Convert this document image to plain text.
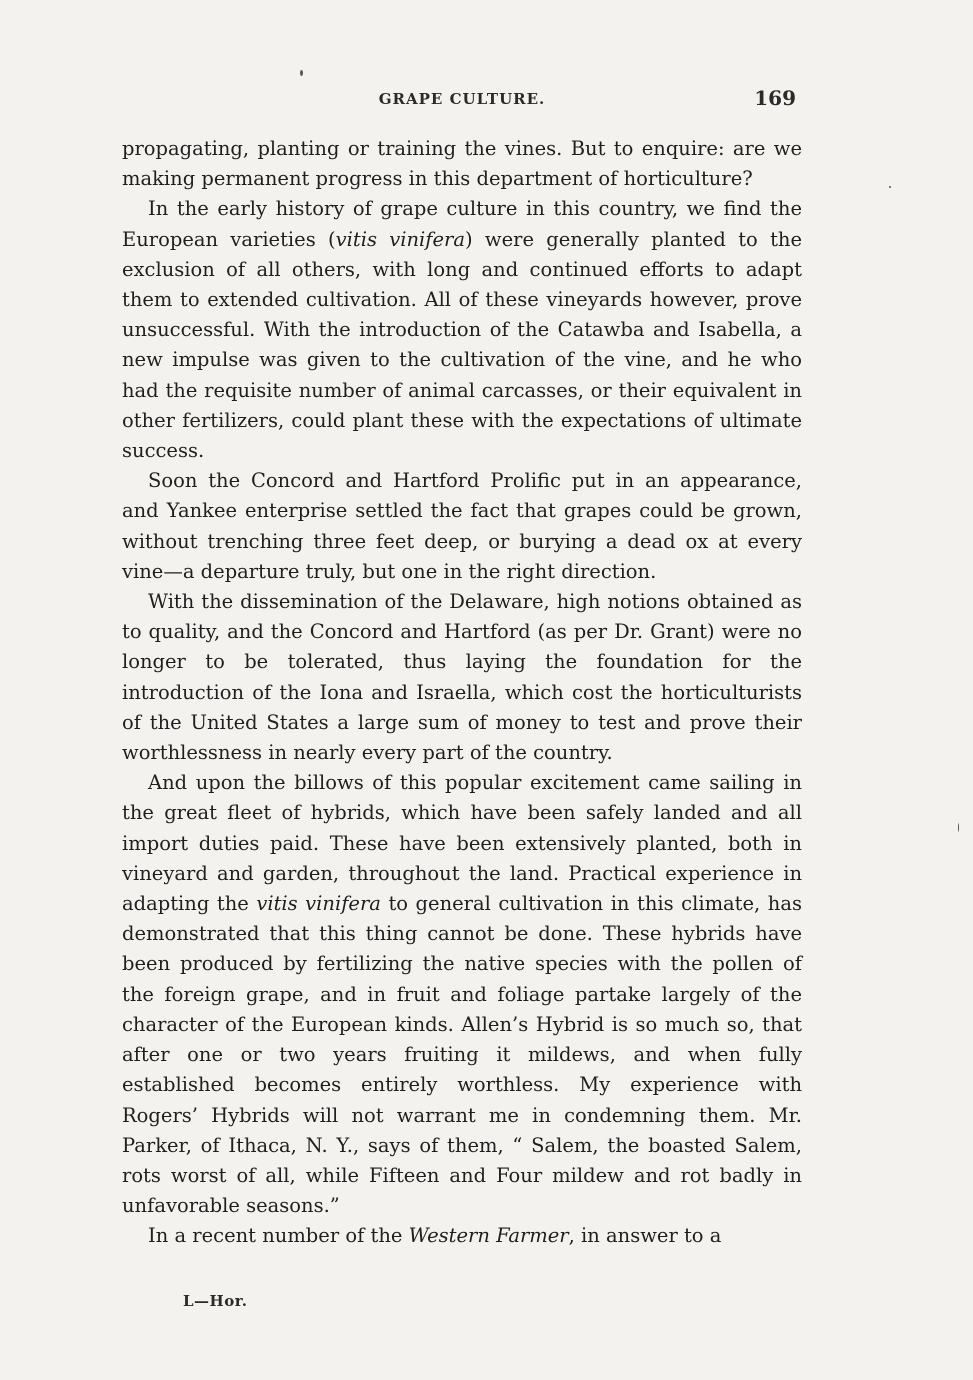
GRAPE CULTURE.	169

propagating, planting or training the vines. But to enquire: are we making permanent progress in this department of horticulture?

In the early history of grape culture in this country, we find the European varieties (vitis vinifera) were generally planted to the exclusion of all others, with long and continued efforts to adapt them to extended cultivation. All of these vineyards however, prove unsuccessful. With the introduction of the Catawba and Isabella, a new impulse was given to the cultivation of the vine, and he who had the requisite number of animal carcasses, or their equivalent in other fertilizers, could plant these with the expectations of ultimate success.

Soon the Concord and Hartford Prolific put in an appearance, and Yankee enterprise settled the fact that grapes could be grown, without trenching three feet deep, or burying a dead ox at every vine—a departure truly, but one in the right direction.

With the dissemination of the Delaware, high notions obtained as to quality, and the Concord and Hartford (as per Dr. Grant) were no longer to be tolerated, thus laying the foundation for the introduction of the Iona and Israella, which cost the horticulturists of the United States a large sum of money to test and prove their worthlessness in nearly every part of the country.

And upon the billows of this popular excitement came sailing in the great fleet of hybrids, which have been safely landed and all import duties paid. These have been extensively planted, both in vineyard and garden, throughout the land. Practical experience in adapting the vitis vinifera to general cultivation in this climate, has demonstrated that this thing cannot be done. These hybrids have been produced by fertilizing the native species with the pollen of the foreign grape, and in fruit and foliage partake largely of the character of the European kinds. Allen’s Hybrid is so much so, that after one or two years fruiting it mildews, and when fully established becomes entirely worthless. My experience with Rogers’ Hybrids will not warrant me in condemning them. Mr. Parker, of Ithaca, N. Y., says of them, “ Salem, the boasted Salem, rots worst of all, while Fifteen and Four mildew and rot badly in unfavorable seasons.”

In a recent number of the Western Farmer, in answer to a

L—Hor.
